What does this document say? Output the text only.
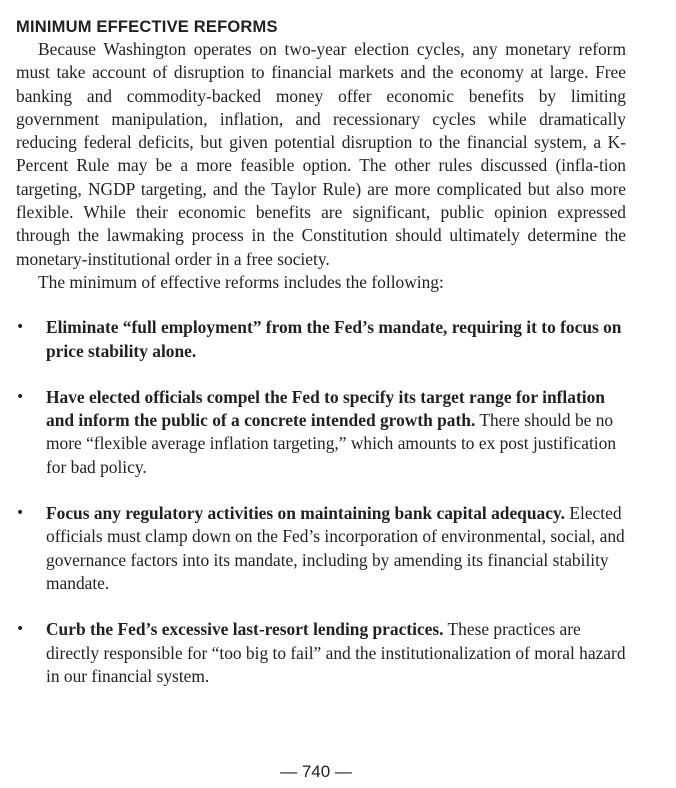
MINIMUM EFFECTIVE REFORMS

Because Washington operates on two-year election cycles, any monetary reform must take account of disruption to financial markets and the economy at large. Free banking and commodity-backed money offer economic benefits by limiting government manipulation, inflation, and recessionary cycles while dramatically reducing federal deficits, but given potential disruption to the financial system, a K-Percent Rule may be a more feasible option. The other rules discussed (infla-tion targeting, NGDP targeting, and the Taylor Rule) are more complicated but also more flexible. While their economic benefits are significant, public opinion expressed through the lawmaking process in the Constitution should ultimately determine the monetary-institutional order in a free society.

The minimum of effective reforms includes the following:

• Eliminate “full employment” from the Fed’s mandate, requiring it to focus on price stability alone.
• Have elected officials compel the Fed to specify its target range for inflation and inform the public of a concrete intended growth path. There should be no more “flexible average inflation targeting,” which amounts to ex post justification for bad policy.
• Focus any regulatory activities on maintaining bank capital adequacy. Elected officials must clamp down on the Fed’s incorporation of environmental, social, and governance factors into its mandate, including by amending its financial stability mandate.
• Curb the Fed’s excessive last-resort lending practices. These practices are directly responsible for “too big to fail” and the institutionalization of moral hazard in our financial system.
— 740 —
